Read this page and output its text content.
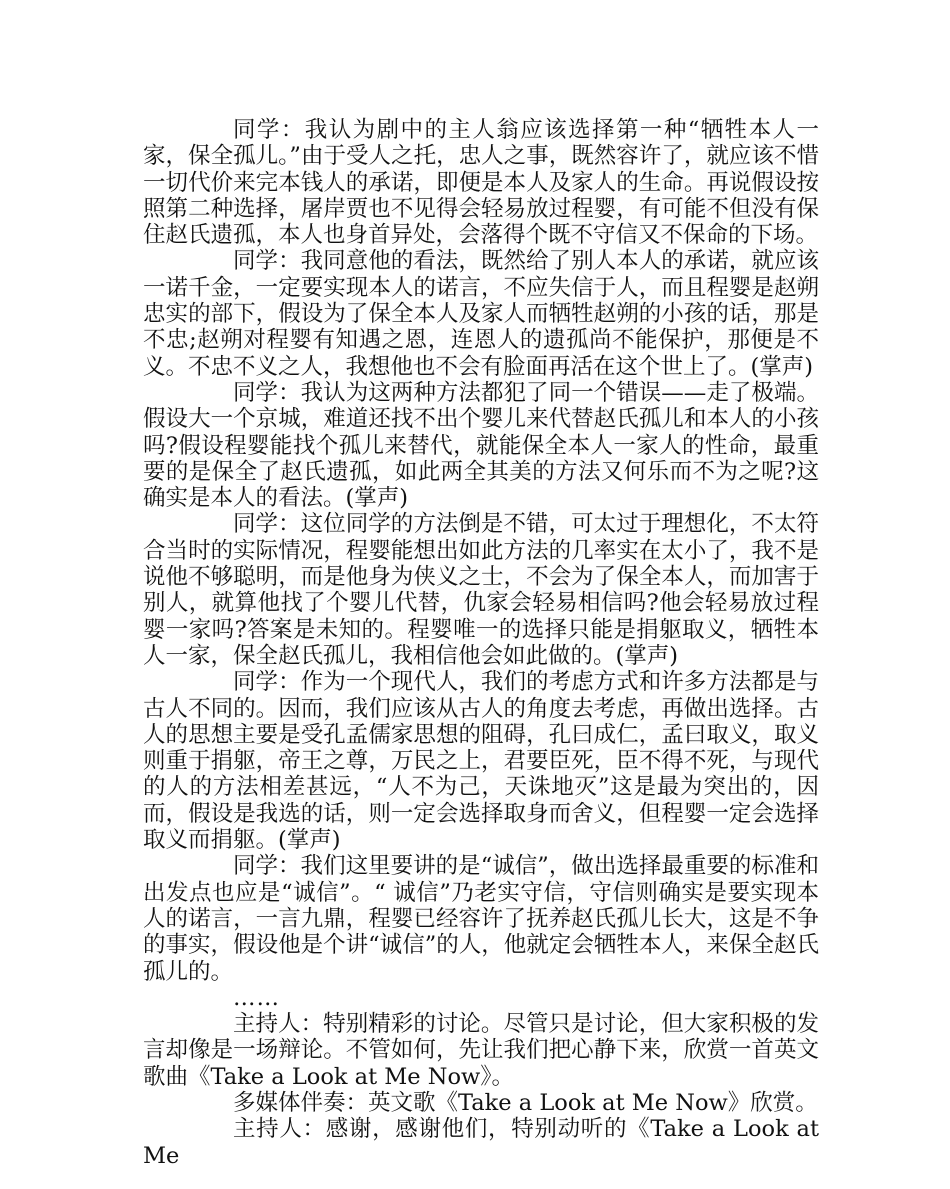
同学：我认为剧中的主人翁应该选择第一种“牺牲本人一家，保全孤儿。”由于受人之托，忠人之事，既然容许了，就应该不惜一切代价来完本钱人的承诺，即便是本人及家人的生命。再说假设按照第二种选择，屠岸贾也不见得会轻易放过程婴，有可能不但没有保住赵氏遗孤，本人也身首异处，会落得个既不守信又不保命的下场。

同学：我同意他的看法，既然给了别人本人的承诺，就应该一诺千金，一定要实现本人的诺言，不应失信于人，而且程婴是赵朔忠实的部下，假设为了保全本人及家人而牺牲赵朔的小孩的话，那是不忠;赵朔对程婴有知遇之恩，连恩人的遗孤尚不能保护，那便是不义。不忠不义之人，我想他也不会有脸面再活在这个世上了。(掌声)

同学：我认为这两种方法都犯了同一个错误——走了极端。假设大一个京城，难道还找不出个婴儿来代替赵氏孤儿和本人的小孩吗?假设程婴能找个孤儿来替代，就能保全本人一家人的性命，最重要的是保全了赵氏遗孤，如此两全其美的方法又何乐而不为之呢?这确实是本人的看法。(掌声)

同学：这位同学的方法倒是不错，可太过于理想化，不太符合当时的实际情况，程婴能想出如此方法的几率实在太小了，我不是说他不够聪明，而是他身为侠义之士，不会为了保全本人，而加害于别人，就算他找了个婴儿代替，仇家会轻易相信吗?他会轻易放过程婴一家吗?答案是未知的。程婴唯一的选择只能是捐躯取义，牺牲本人一家，保全赵氏孤儿，我相信他会如此做的。(掌声)

同学：作为一个现代人，我们的考虑方式和许多方法都是与古人不同的。因而，我们应该从古人的角度去考虑，再做出选择。古人的思想主要是受孔孟儒家思想的阻碍，孔曰成仁，孟曰取义，取义则重于捐躯，帝王之尊，万民之上，君要臣死，臣不得不死，与现代的人的方法相差甚远，“人不为己，天诛地灭”这是最为突出的，因而，假设是我选的话，则一定会选择取身而舍义，但程婴一定会选择取义而捐躯。(掌声)

同学：我们这里要讲的是“诚信”，做出选择最重要的标准和出发点也应是“诚信”。“ 诚信”乃老实守信，守信则确实是要实现本人的诺言，一言九鼎，程婴已经容许了抚养赵氏孤儿长大，这是不争的事实，假设他是个讲“诚信”的人，他就定会牺牲本人，来保全赵氏孤儿的。

……

主持人：特别精彩的讨论。尽管只是讨论，但大家积极的发言却像是一场辩论。不管如何，先让我们把心静下来，欣赏一首英文歌曲《Take a Look at Me Now》。

多媒体伴奏：英文歌《Take a Look at Me Now》欣赏。

主持人：感谢，感谢他们，特别动听的《Take a Look at Me
